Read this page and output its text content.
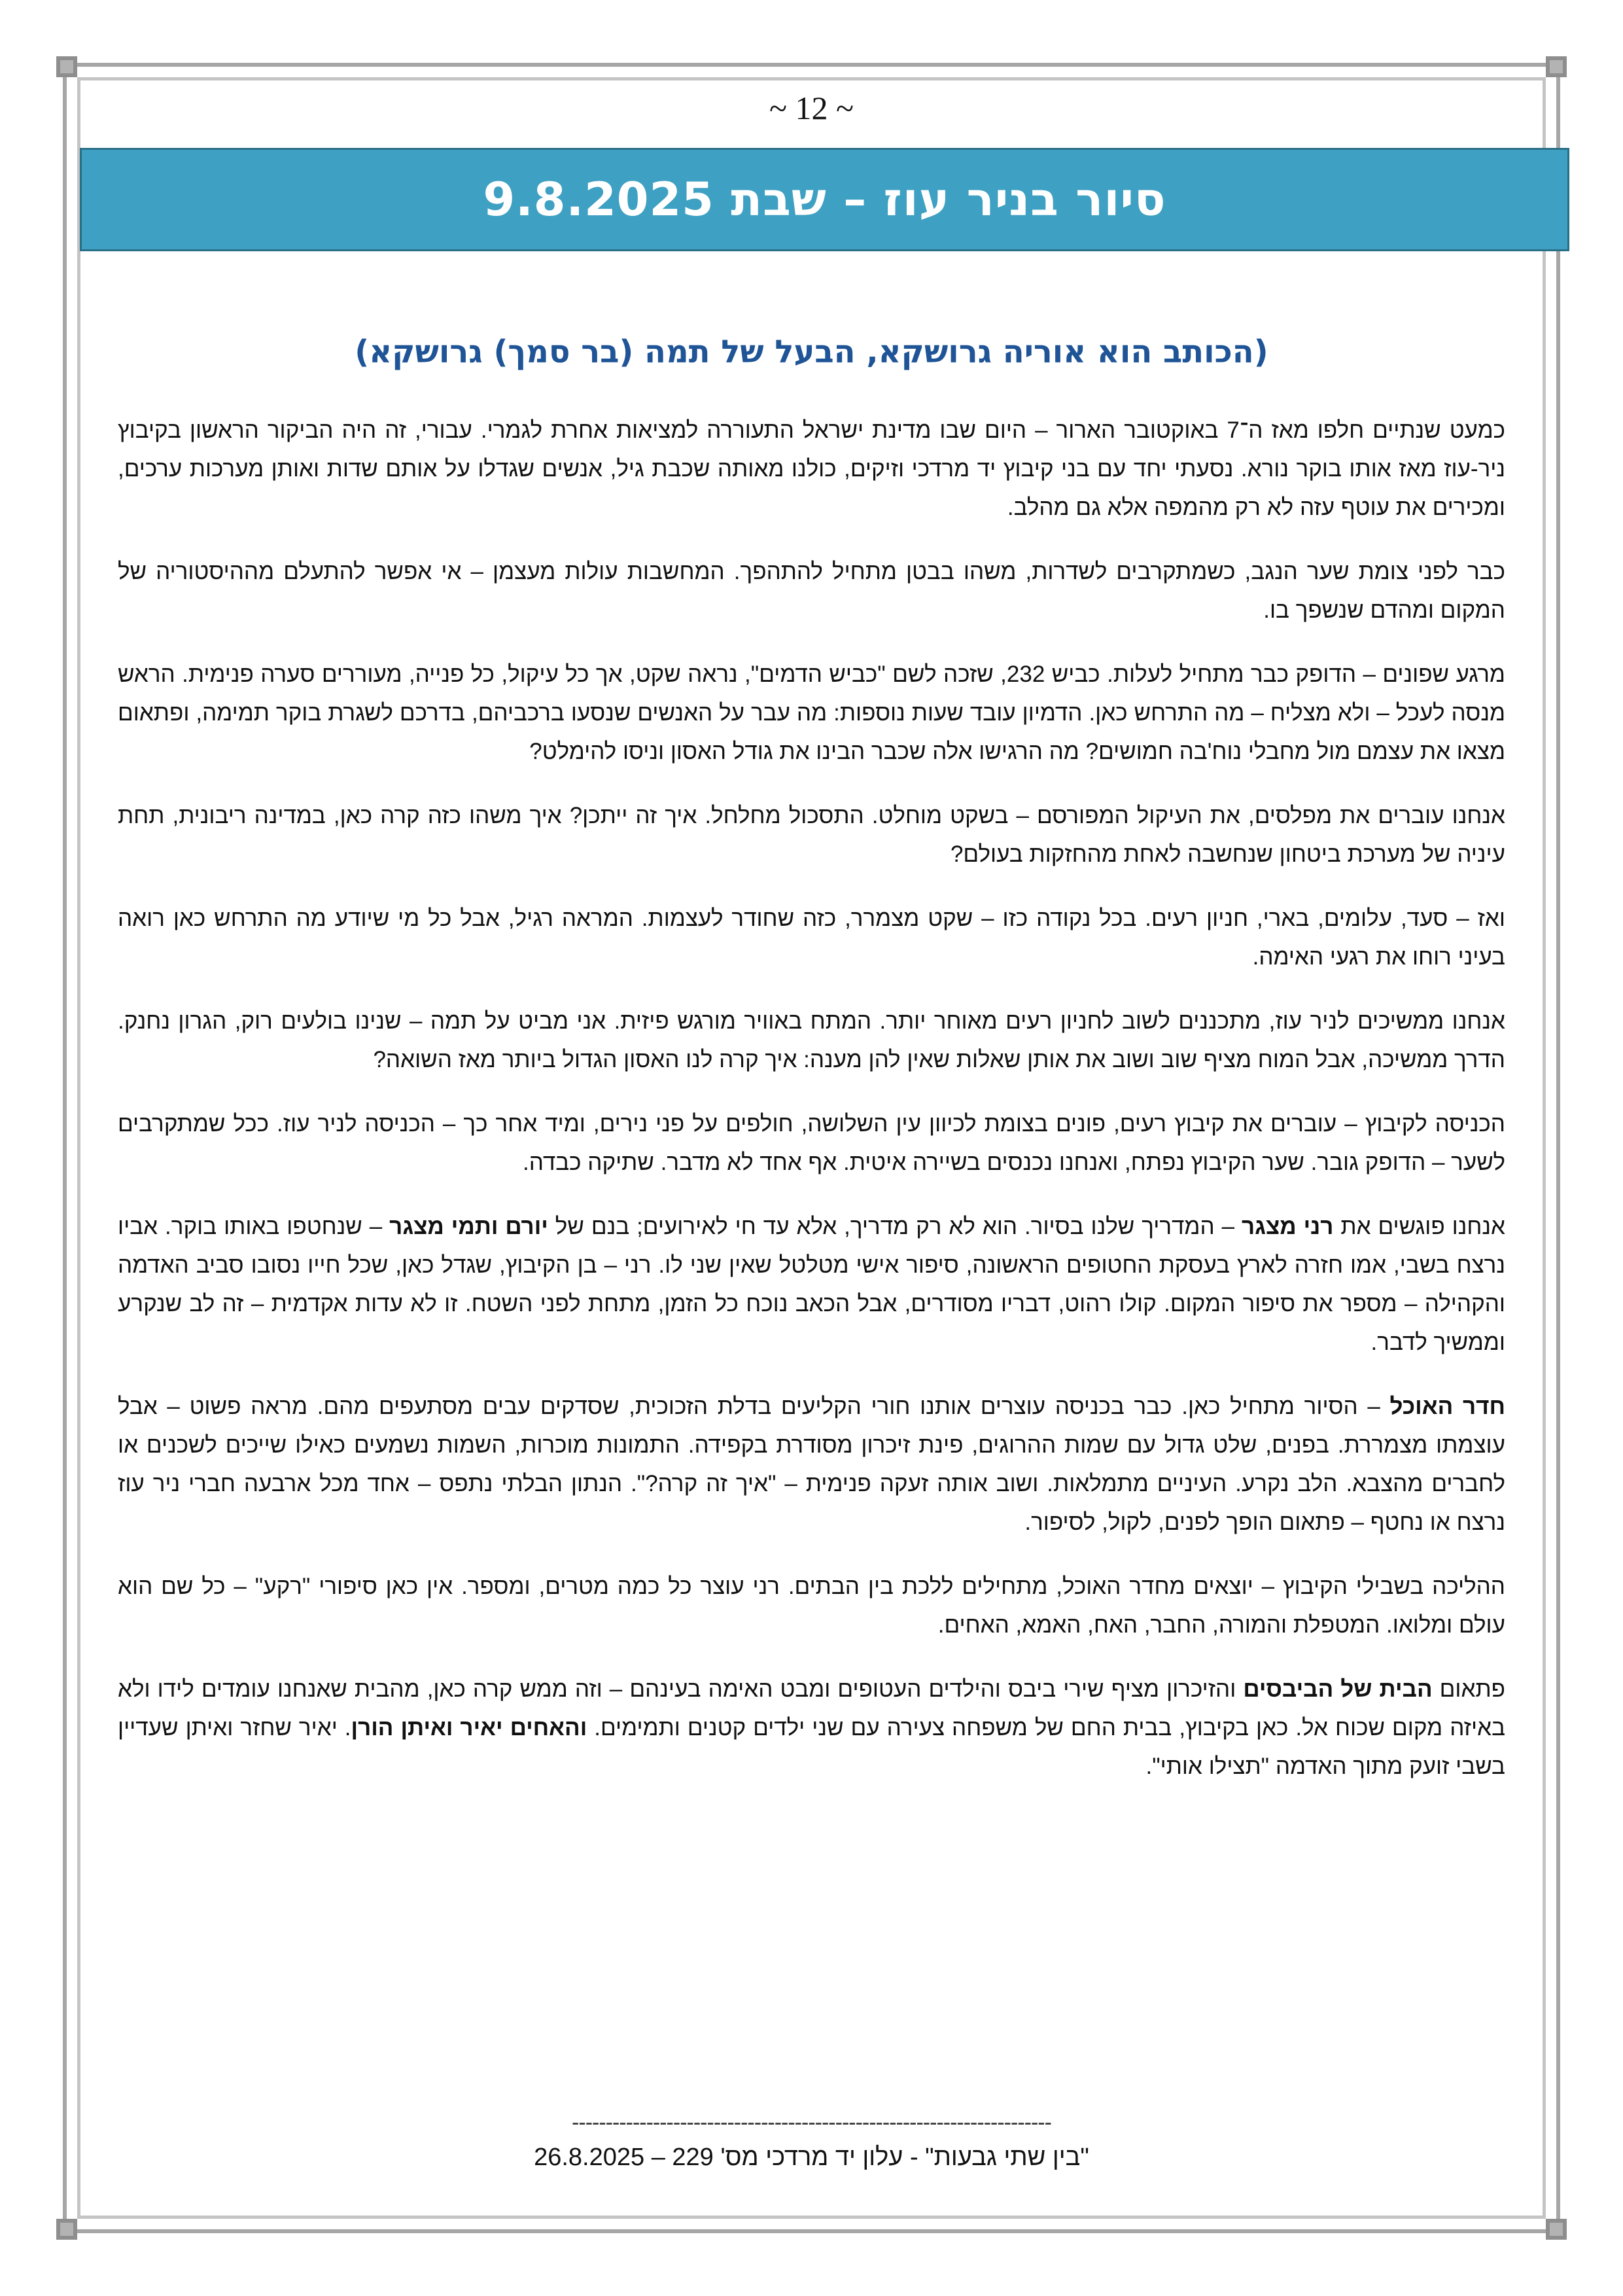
~ 12 ~
סיור בניר עוז – שבת 9.8.2025
(הכותב הוא אוריה גרושקא, הבעל של תמה (בר סמך) גרושקא)

כמעט שנתיים חלפו מאז ה־7 באוקטובר הארור – היום שבו מדינת ישראל התעוררה למציאות אחרת לגמרי. עבורי, זה היה הביקור הראשון בקיבוץ ניר-עוז מאז אותו בוקר נורא. נסעתי יחד עם בני קיבוץ יד מרדכי וזיקים, כולנו מאותה שכבת גיל, אנשים שגדלו על אותם שדות ואותן מערכות ערכים, ומכירים את עוטף עזה לא רק מהמפה אלא גם מהלב.

כבר לפני צומת שער הנגב, כשמתקרבים לשדרות, משהו בבטן מתחיל להתהפך. המחשבות עולות מעצמן – אי אפשר להתעלם מההיסטוריה של המקום ומהדם שנשפך בו.

מרגע שפונים – הדופק כבר מתחיל לעלות. כביש 232, שזכה לשם "כביש הדמים", נראה שקט, אך כל עיקול, כל פנייה, מעוררים סערה פנימית. הראש מנסה לעכל – ולא מצליח – מה התרחש כאן. הדמיון עובד שעות נוספות: מה עבר על האנשים שנסעו ברכביהם, בדרכם לשגרת בוקר תמימה, ופתאום מצאו את עצמם מול מחבלי נוח'בה חמושים? מה הרגישו אלה שכבר הבינו את גודל האסון וניסו להימלט?

אנחנו עוברים את מפלסים, את העיקול המפורסם – בשקט מוחלט. התסכול מחלחל. איך זה ייתכן? איך משהו כזה קרה כאן, במדינה ריבונית, תחת עיניה של מערכת ביטחון שנחשבה לאחת מהחזקות בעולם?

ואז – סעד, עלומים, בארי, חניון רעים. בכל נקודה כזו – שקט מצמרר, כזה שחודר לעצמות. המראה רגיל, אבל כל מי שיודע מה התרחש כאן רואה בעיני רוחו את רגעי האימה.

אנחנו ממשיכים לניר עוז, מתכננים לשוב לחניון רעים מאוחר יותר. המתח באוויר מורגש פיזית. אני מביט על תמה – שנינו בולעים רוק, הגרון נחנק. הדרך ממשיכה, אבל המוח מציף שוב ושוב את אותן שאלות שאין להן מענה: איך קרה לנו האסון הגדול ביותר מאז השואה?

הכניסה לקיבוץ – עוברים את קיבוץ רעים, פונים בצומת לכיוון עין השלושה, חולפים על פני נירים, ומיד אחר כך – הכניסה לניר עוז. ככל שמתקרבים לשער – הדופק גובר. שער הקיבוץ נפתח, ואנחנו נכנסים בשיירה איטית. אף אחד לא מדבר. שתיקה כבדה.

אנחנו פוגשים את רני מצגר – המדריך שלנו בסיור. הוא לא רק מדריך, אלא עד חי לאירועים; בנם של יורם ותמי מצגר – שנחטפו באותו בוקר. אביו נרצח בשבי, אמו חזרה לארץ בעסקת החטופים הראשונה, סיפור אישי מטלטל שאין שני לו. רני – בן הקיבוץ, שגדל כאן, שכל חייו נסובו סביב האדמה והקהילה – מספר את סיפור המקום. קולו רהוט, דבריו מסודרים, אבל הכאב נוכח כל הזמן, מתחת לפני השטח. זו לא עדות אקדמית – זה לב שנקרע וממשיך לדבר.

חדר האוכל – הסיור מתחיל כאן. כבר בכניסה עוצרים אותנו חורי הקליעים בדלת הזכוכית, שסדקים עבים מסתעפים מהם. מראה פשוט – אבל עוצמתו מצמררת. בפנים, שלט גדול עם שמות ההרוגים, פינת זיכרון מסודרת בקפידה. התמונות מוכרות, השמות נשמעים כאילו שייכים לשכנים או לחברים מהצבא. הלב נקרע. העיניים מתמלאות. ושוב אותה זעקה פנימית – "איך זה קרה?". הנתון הבלתי נתפס – אחד מכל ארבעה חברי ניר עוז נרצח או נחטף – פתאום הופך לפנים, לקול, לסיפור.

ההליכה בשבילי הקיבוץ – יוצאים מחדר האוכל, מתחילים ללכת בין הבתים. רני עוצר כל כמה מטרים, ומספר. אין כאן סיפורי "רקע" – כל שם הוא עולם ומלואו. המטפלת והמורה, החבר, האח, האמא, האחים.

פתאום הבית של הביבסים והזיכרון מציף שירי ביבס והילדים העטופים ומבט האימה בעינהם – וזה ממש קרה כאן, מהבית שאנחנו עומדים לידו ולא באיזה מקום שכוח אל. כאן בקיבוץ, בבית החם של משפחה צעירה עם שני ילדים קטנים ותמימים. והאחים יאיר ואיתן הורן. יאיר שחזר ואיתן שעדיין בשבי זועק מתוך האדמה "תצילו אותי".

-----------------------------------------------------------------------
"בין שתי גבעות" - עלון יד מרדכי מס' 229 – 26.8.2025
